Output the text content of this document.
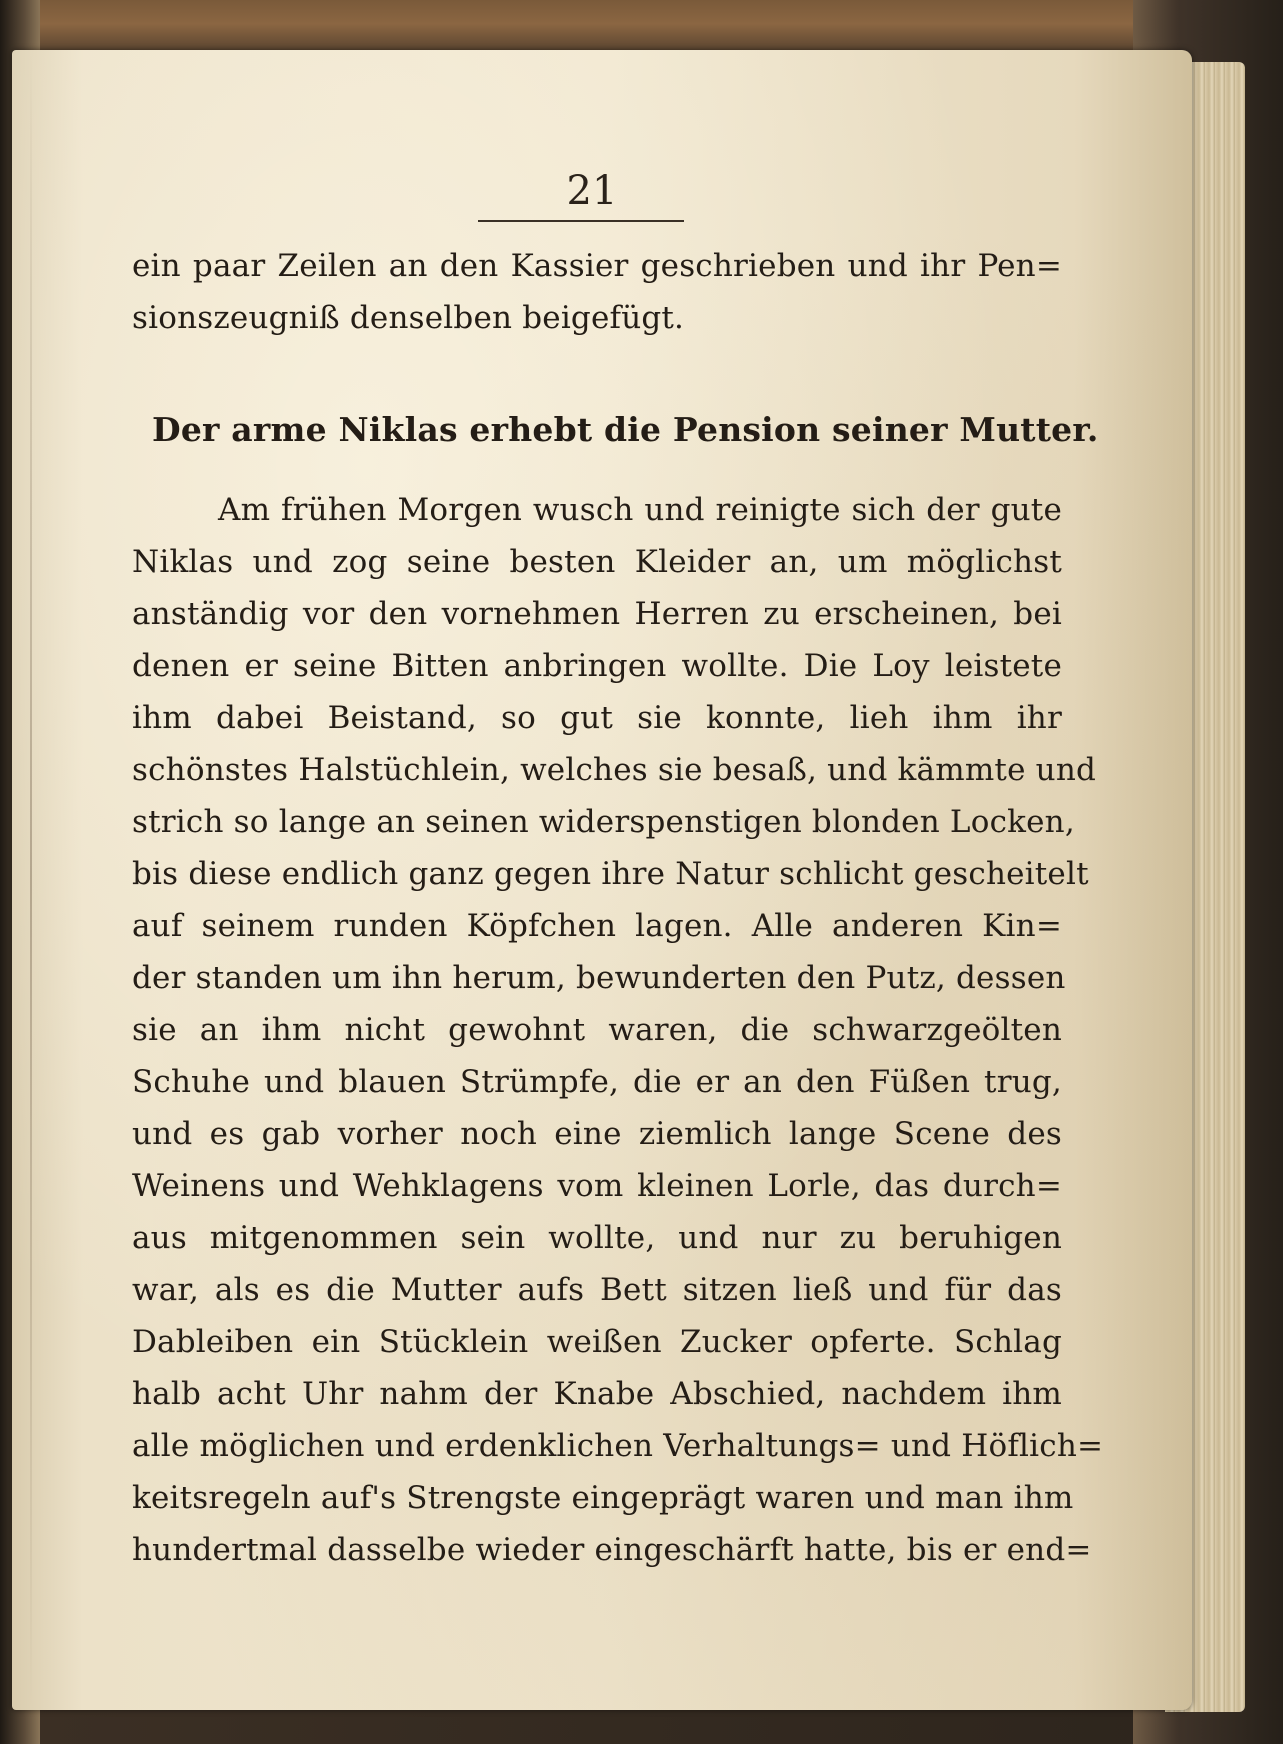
21
ein paar Zeilen an den Kassier geschrieben und ihr Pen=
sionszeugniß denselben beigefügt.
Der arme Niklas erhebt die Pension seiner Mutter.
Am frühen Morgen wusch und reinigte sich der gute
Niklas und zog seine besten Kleider an, um möglichst
anständig vor den vornehmen Herren zu erscheinen, bei
denen er seine Bitten anbringen wollte. Die Loy leistete
ihm dabei Beistand, so gut sie konnte, lieh ihm ihr
schönstes Halstüchlein, welches sie besaß, und kämmte und
strich so lange an seinen widerspenstigen blonden Locken,
bis diese endlich ganz gegen ihre Natur schlicht gescheitelt
auf seinem runden Köpfchen lagen. Alle anderen Kin=
der standen um ihn herum, bewunderten den Putz, dessen
sie an ihm nicht gewohnt waren, die schwarzgeölten
Schuhe und blauen Strümpfe, die er an den Füßen trug,
und es gab vorher noch eine ziemlich lange Scene des
Weinens und Wehklagens vom kleinen Lorle, das durch=
aus mitgenommen sein wollte, und nur zu beruhigen
war, als es die Mutter aufs Bett sitzen ließ und für das
Dableiben ein Stücklein weißen Zucker opferte. Schlag
halb acht Uhr nahm der Knabe Abschied, nachdem ihm
alle möglichen und erdenklichen Verhaltungs= und Höflich=
keitsregeln auf's Strengste eingeprägt waren und man ihm
hundertmal dasselbe wieder eingeschärft hatte, bis er end=
